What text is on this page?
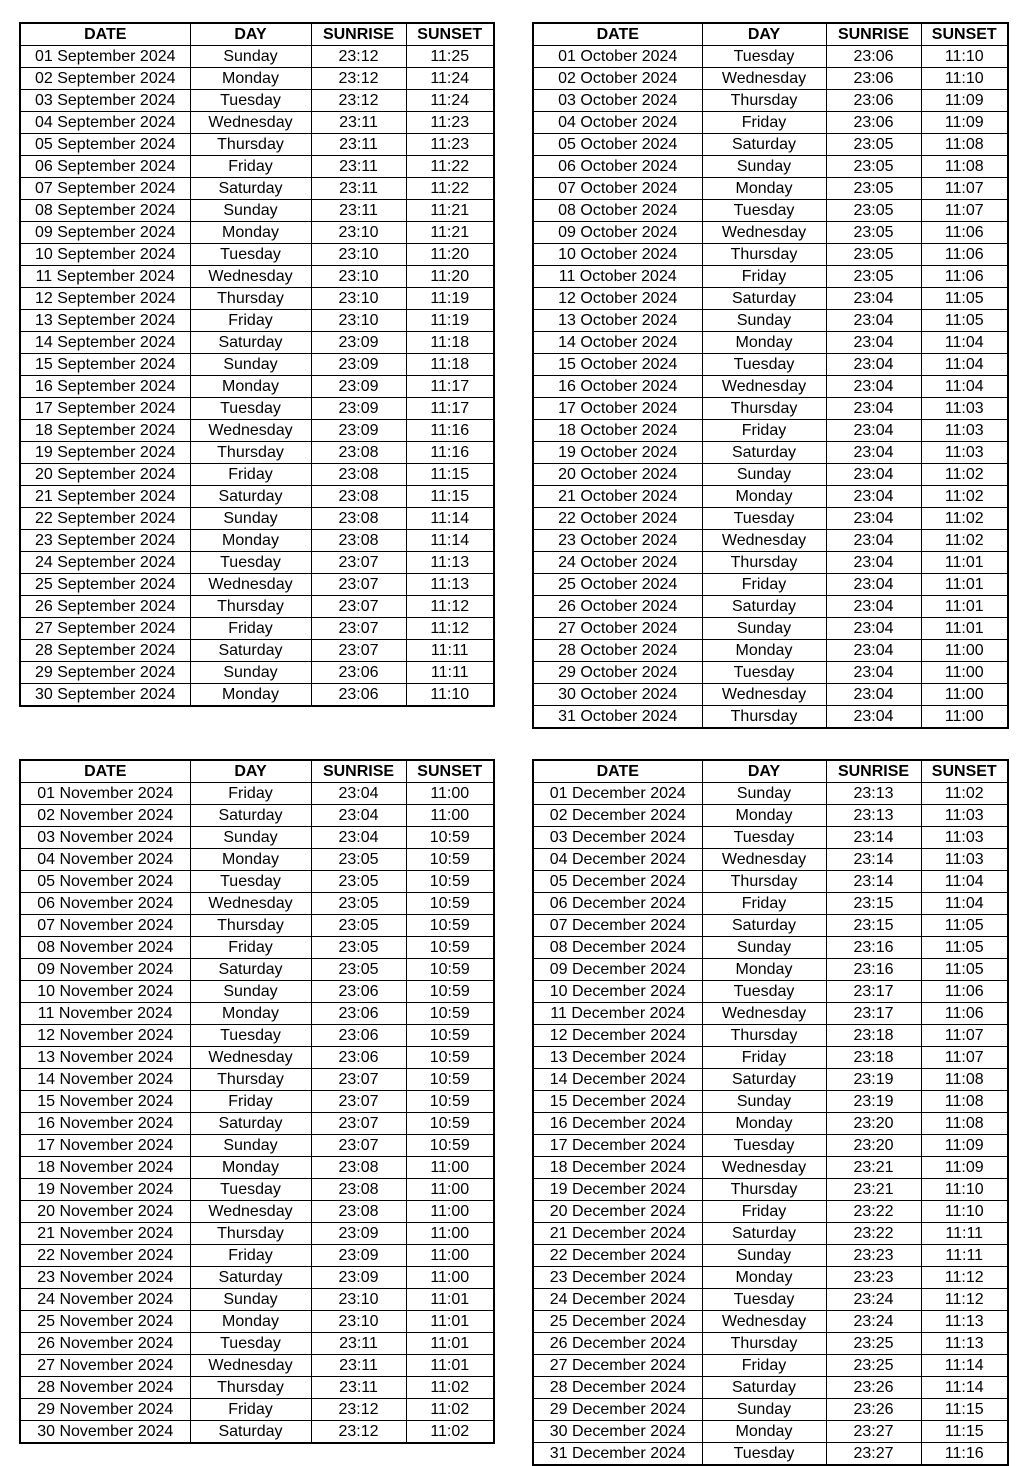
DATE	DAY	SUNRISE	SUNSET
01 September 2024	Sunday	23:12	11:25
02 September 2024	Monday	23:12	11:24
03 September 2024	Tuesday	23:12	11:24
04 September 2024	Wednesday	23:11	11:23
05 September 2024	Thursday	23:11	11:23
06 September 2024	Friday	23:11	11:22
07 September 2024	Saturday	23:11	11:22
08 September 2024	Sunday	23:11	11:21
09 September 2024	Monday	23:10	11:21
10 September 2024	Tuesday	23:10	11:20
11 September 2024	Wednesday	23:10	11:20
12 September 2024	Thursday	23:10	11:19
13 September 2024	Friday	23:10	11:19
14 September 2024	Saturday	23:09	11:18
15 September 2024	Sunday	23:09	11:18
16 September 2024	Monday	23:09	11:17
17 September 2024	Tuesday	23:09	11:17
18 September 2024	Wednesday	23:09	11:16
19 September 2024	Thursday	23:08	11:16
20 September 2024	Friday	23:08	11:15
21 September 2024	Saturday	23:08	11:15
22 September 2024	Sunday	23:08	11:14
23 September 2024	Monday	23:08	11:14
24 September 2024	Tuesday	23:07	11:13
25 September 2024	Wednesday	23:07	11:13
26 September 2024	Thursday	23:07	11:12
27 September 2024	Friday	23:07	11:12
28 September 2024	Saturday	23:07	11:11
29 September 2024	Sunday	23:06	11:11
30 September 2024	Monday	23:06	11:10
DATE	DAY	SUNRISE	SUNSET
01 October 2024	Tuesday	23:06	11:10
02 October 2024	Wednesday	23:06	11:10
03 October 2024	Thursday	23:06	11:09
04 October 2024	Friday	23:06	11:09
05 October 2024	Saturday	23:05	11:08
06 October 2024	Sunday	23:05	11:08
07 October 2024	Monday	23:05	11:07
08 October 2024	Tuesday	23:05	11:07
09 October 2024	Wednesday	23:05	11:06
10 October 2024	Thursday	23:05	11:06
11 October 2024	Friday	23:05	11:06
12 October 2024	Saturday	23:04	11:05
13 October 2024	Sunday	23:04	11:05
14 October 2024	Monday	23:04	11:04
15 October 2024	Tuesday	23:04	11:04
16 October 2024	Wednesday	23:04	11:04
17 October 2024	Thursday	23:04	11:03
18 October 2024	Friday	23:04	11:03
19 October 2024	Saturday	23:04	11:03
20 October 2024	Sunday	23:04	11:02
21 October 2024	Monday	23:04	11:02
22 October 2024	Tuesday	23:04	11:02
23 October 2024	Wednesday	23:04	11:02
24 October 2024	Thursday	23:04	11:01
25 October 2024	Friday	23:04	11:01
26 October 2024	Saturday	23:04	11:01
27 October 2024	Sunday	23:04	11:01
28 October 2024	Monday	23:04	11:00
29 October 2024	Tuesday	23:04	11:00
30 October 2024	Wednesday	23:04	11:00
31 October 2024	Thursday	23:04	11:00
DATE	DAY	SUNRISE	SUNSET
01 November 2024	Friday	23:04	11:00
02 November 2024	Saturday	23:04	11:00
03 November 2024	Sunday	23:04	10:59
04 November 2024	Monday	23:05	10:59
05 November 2024	Tuesday	23:05	10:59
06 November 2024	Wednesday	23:05	10:59
07 November 2024	Thursday	23:05	10:59
08 November 2024	Friday	23:05	10:59
09 November 2024	Saturday	23:05	10:59
10 November 2024	Sunday	23:06	10:59
11 November 2024	Monday	23:06	10:59
12 November 2024	Tuesday	23:06	10:59
13 November 2024	Wednesday	23:06	10:59
14 November 2024	Thursday	23:07	10:59
15 November 2024	Friday	23:07	10:59
16 November 2024	Saturday	23:07	10:59
17 November 2024	Sunday	23:07	10:59
18 November 2024	Monday	23:08	11:00
19 November 2024	Tuesday	23:08	11:00
20 November 2024	Wednesday	23:08	11:00
21 November 2024	Thursday	23:09	11:00
22 November 2024	Friday	23:09	11:00
23 November 2024	Saturday	23:09	11:00
24 November 2024	Sunday	23:10	11:01
25 November 2024	Monday	23:10	11:01
26 November 2024	Tuesday	23:11	11:01
27 November 2024	Wednesday	23:11	11:01
28 November 2024	Thursday	23:11	11:02
29 November 2024	Friday	23:12	11:02
30 November 2024	Saturday	23:12	11:02
DATE	DAY	SUNRISE	SUNSET
01 December 2024	Sunday	23:13	11:02
02 December 2024	Monday	23:13	11:03
03 December 2024	Tuesday	23:14	11:03
04 December 2024	Wednesday	23:14	11:03
05 December 2024	Thursday	23:14	11:04
06 December 2024	Friday	23:15	11:04
07 December 2024	Saturday	23:15	11:05
08 December 2024	Sunday	23:16	11:05
09 December 2024	Monday	23:16	11:05
10 December 2024	Tuesday	23:17	11:06
11 December 2024	Wednesday	23:17	11:06
12 December 2024	Thursday	23:18	11:07
13 December 2024	Friday	23:18	11:07
14 December 2024	Saturday	23:19	11:08
15 December 2024	Sunday	23:19	11:08
16 December 2024	Monday	23:20	11:08
17 December 2024	Tuesday	23:20	11:09
18 December 2024	Wednesday	23:21	11:09
19 December 2024	Thursday	23:21	11:10
20 December 2024	Friday	23:22	11:10
21 December 2024	Saturday	23:22	11:11
22 December 2024	Sunday	23:23	11:11
23 December 2024	Monday	23:23	11:12
24 December 2024	Tuesday	23:24	11:12
25 December 2024	Wednesday	23:24	11:13
26 December 2024	Thursday	23:25	11:13
27 December 2024	Friday	23:25	11:14
28 December 2024	Saturday	23:26	11:14
29 December 2024	Sunday	23:26	11:15
30 December 2024	Monday	23:27	11:15
31 December 2024	Tuesday	23:27	11:16
